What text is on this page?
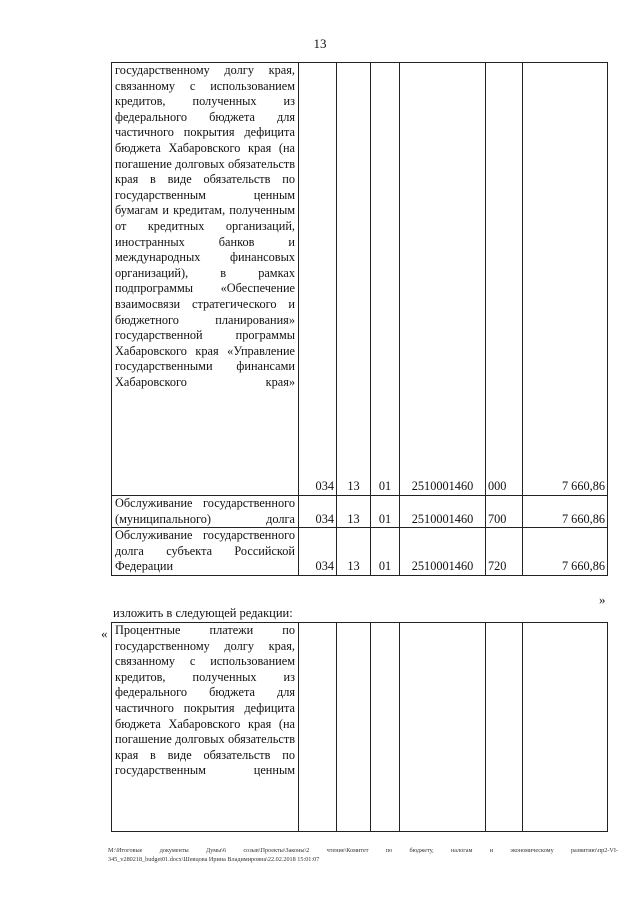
13
государственному долгу края, связанному с использованием кредитов, полученных из федерального бюджета для частичного покрытия дефицита бюджета Хабаровского края (на погашение долговых обязательств края в виде обязательств по государственным ценным бумагам и кредитам, полученным от кредитных организаций, иностранных банков и международных финансовых организаций), в рамках подпрограммы «Обеспечение взаимосвязи стратегического и бюджетного планирования» государственной программы Хабаровского края «Управление государственными финансами Хабаровского края»	034	13	01	2510001460	000	7 660,86
Обслуживание государственного (муниципального) долга	034	13	01	2510001460	700	7 660,86
Обслуживание государственного долга субъекта Российской Федерации	034	13	01	2510001460	720	7 660,86
»
изложить в следующей редакции:
« Процентные платежи по государственному долгу края, связанному с использованием кредитов, полученных из федерального бюджета для частичного покрытия дефицита бюджета Хабаровского края (на погашение долговых обязательств края в виде обязательств по государственным ценным						
М:\Итоговые документы Думы\6 созыв\Проекты\Законы\2 чтение\Комитет по бюджету, налогам и экономическому развитию\пр2-VI-
345_v280218_budget01.docx\Шевцова Ирина Владимировна\22.02.2018 15:01:07
